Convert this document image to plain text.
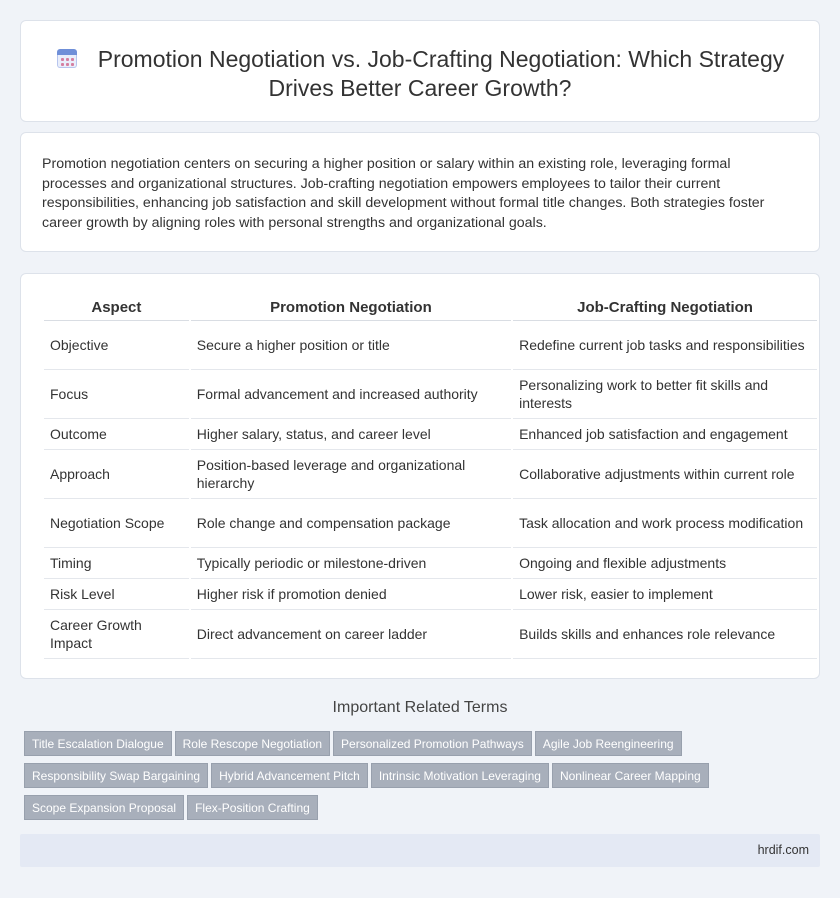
Promotion Negotiation vs. Job-Crafting Negotiation: Which Strategy Drives Better Career Growth?

Promotion negotiation centers on securing a higher position or salary within an existing role, leveraging formal processes and organizational structures. Job-crafting negotiation empowers employees to tailor their current responsibilities, enhancing job satisfaction and skill development without formal title changes. Both strategies foster career growth by aligning roles with personal strengths and organizational goals.

Aspect	Promotion Negotiation	Job-Crafting Negotiation
Objective	Secure a higher position or title	Redefine current job tasks and responsibilities
Focus	Formal advancement and increased authority	Personalizing work to better fit skills and interests
Outcome	Higher salary, status, and career level	Enhanced job satisfaction and engagement
Approach	Position-based leverage and organizational hierarchy	Collaborative adjustments within current role
Negotiation Scope	Role change and compensation package	Task allocation and work process modification
Timing	Typically periodic or milestone-driven	Ongoing and flexible adjustments
Risk Level	Higher risk if promotion denied	Lower risk, easier to implement
Career Growth Impact	Direct advancement on career ladder	Builds skills and enhances role relevance
Important Related Terms
Title Escalation Dialogue Role Rescope Negotiation Personalized Promotion Pathways Agile Job Reengineering
Responsibility Swap Bargaining Hybrid Advancement Pitch Intrinsic Motivation Leveraging Nonlinear Career Mapping
Scope Expansion Proposal Flex-Position Crafting
hrdif.com
